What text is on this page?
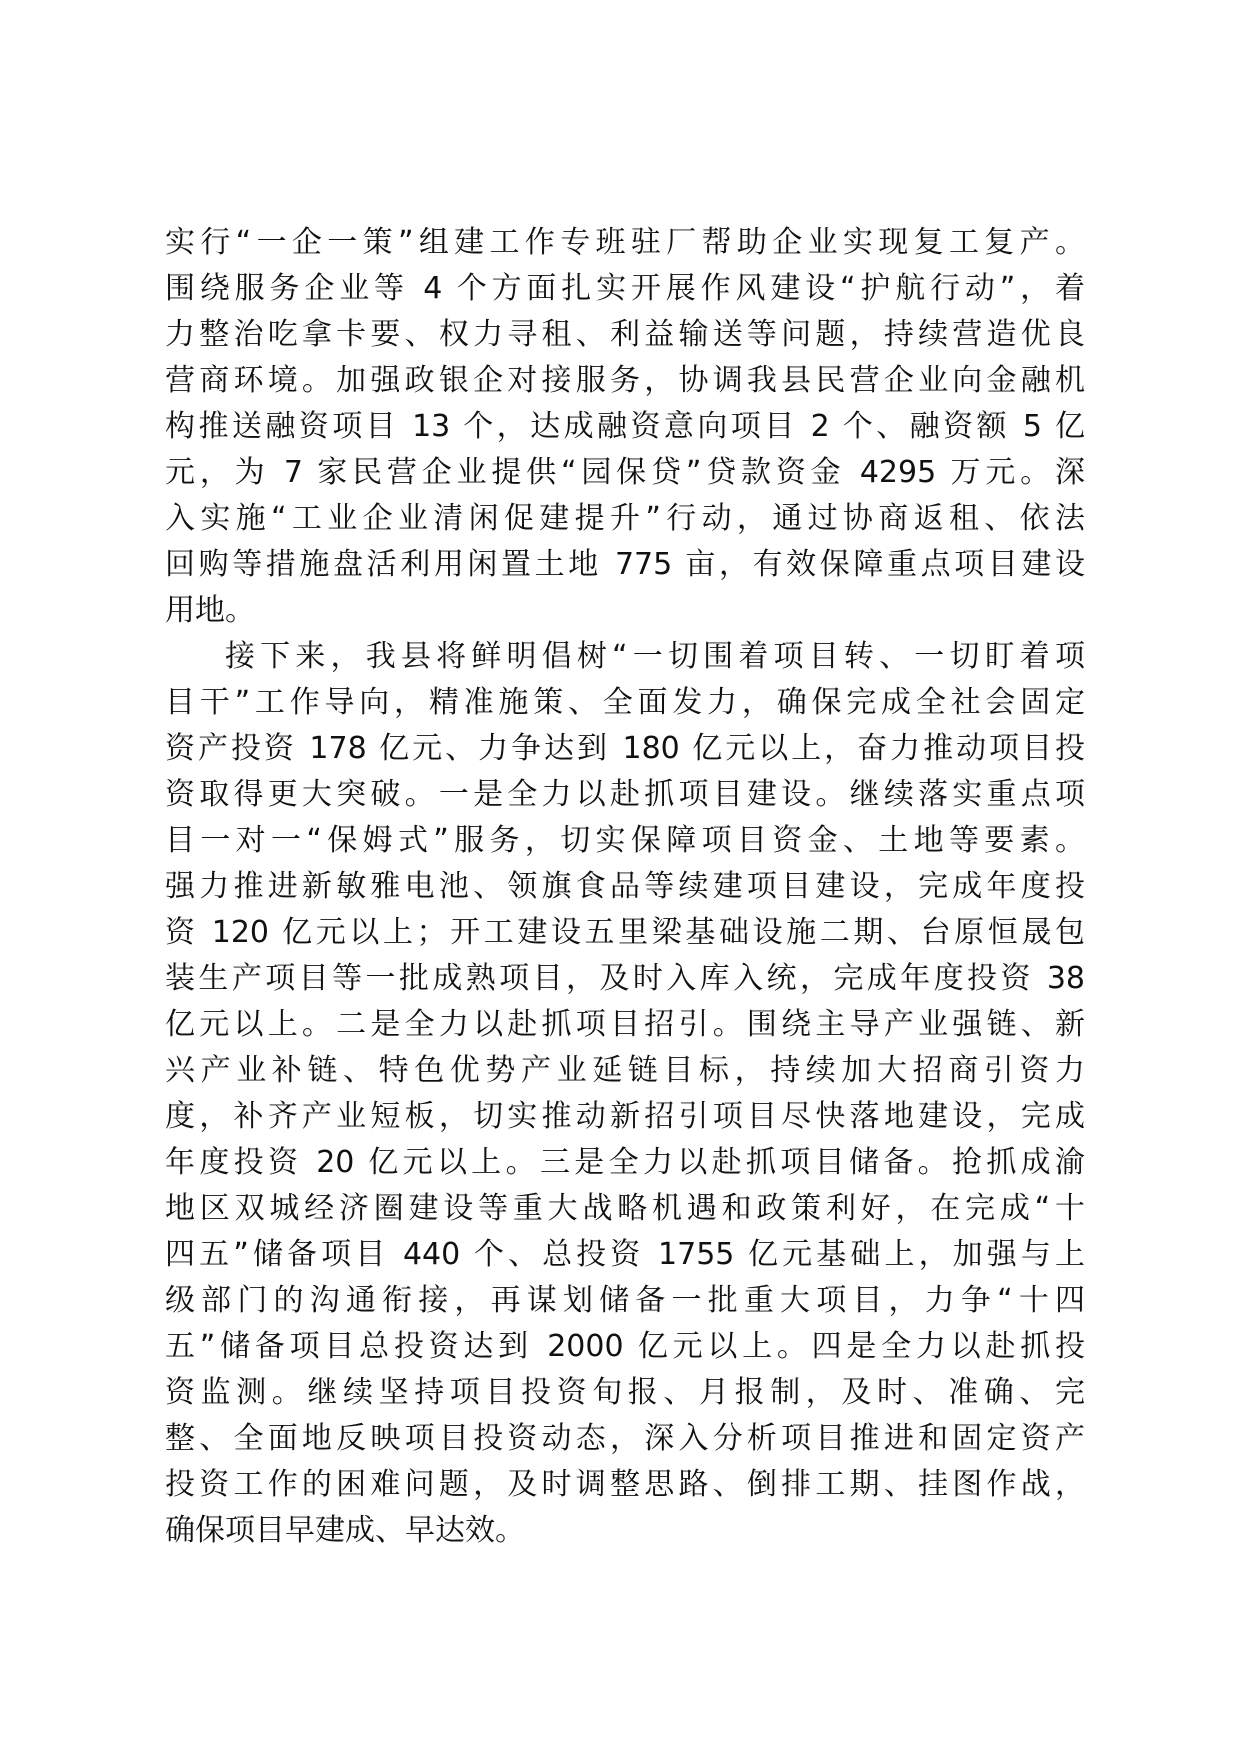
实行“一企一策”组建工作专班驻厂帮助企业实现复工复产。
围绕服务企业等 4 个方面扎实开展作风建设“护航行动”，着
力整治吃拿卡要、权力寻租、利益输送等问题，持续营造优良
营商环境。加强政银企对接服务，协调我县民营企业向金融机
构推送融资项目 13 个，达成融资意向项目 2 个、融资额 5 亿
元，为 7 家民营企业提供“园保贷”贷款资金 4295 万元。深
入实施“工业企业清闲促建提升”行动，通过协商返租、依法
回购等措施盘活利用闲置土地 775 亩，有效保障重点项目建设
用地。
接下来，我县将鲜明倡树“一切围着项目转、一切盯着项
目干”工作导向，精准施策、全面发力，确保完成全社会固定
资产投资 178 亿元、力争达到 180 亿元以上，奋力推动项目投
资取得更大突破。一是全力以赴抓项目建设。继续落实重点项
目一对一“保姆式”服务，切实保障项目资金、土地等要素。
强力推进新敏雅电池、领旗食品等续建项目建设，完成年度投
资 120 亿元以上；开工建设五里梁基础设施二期、台原恒晟包
装生产项目等一批成熟项目，及时入库入统，完成年度投资 38
亿元以上。二是全力以赴抓项目招引。围绕主导产业强链、新
兴产业补链、特色优势产业延链目标，持续加大招商引资力
度，补齐产业短板，切实推动新招引项目尽快落地建设，完成
年度投资 20 亿元以上。三是全力以赴抓项目储备。抢抓成渝
地区双城经济圈建设等重大战略机遇和政策利好，在完成“十
四五”储备项目 440 个、总投资 1755 亿元基础上，加强与上
级部门的沟通衔接，再谋划储备一批重大项目，力争“十四
五”储备项目总投资达到 2000 亿元以上。四是全力以赴抓投
资监测。继续坚持项目投资旬报、月报制，及时、准确、完
整、全面地反映项目投资动态，深入分析项目推进和固定资产
投资工作的困难问题，及时调整思路、倒排工期、挂图作战，
确保项目早建成、早达效。
